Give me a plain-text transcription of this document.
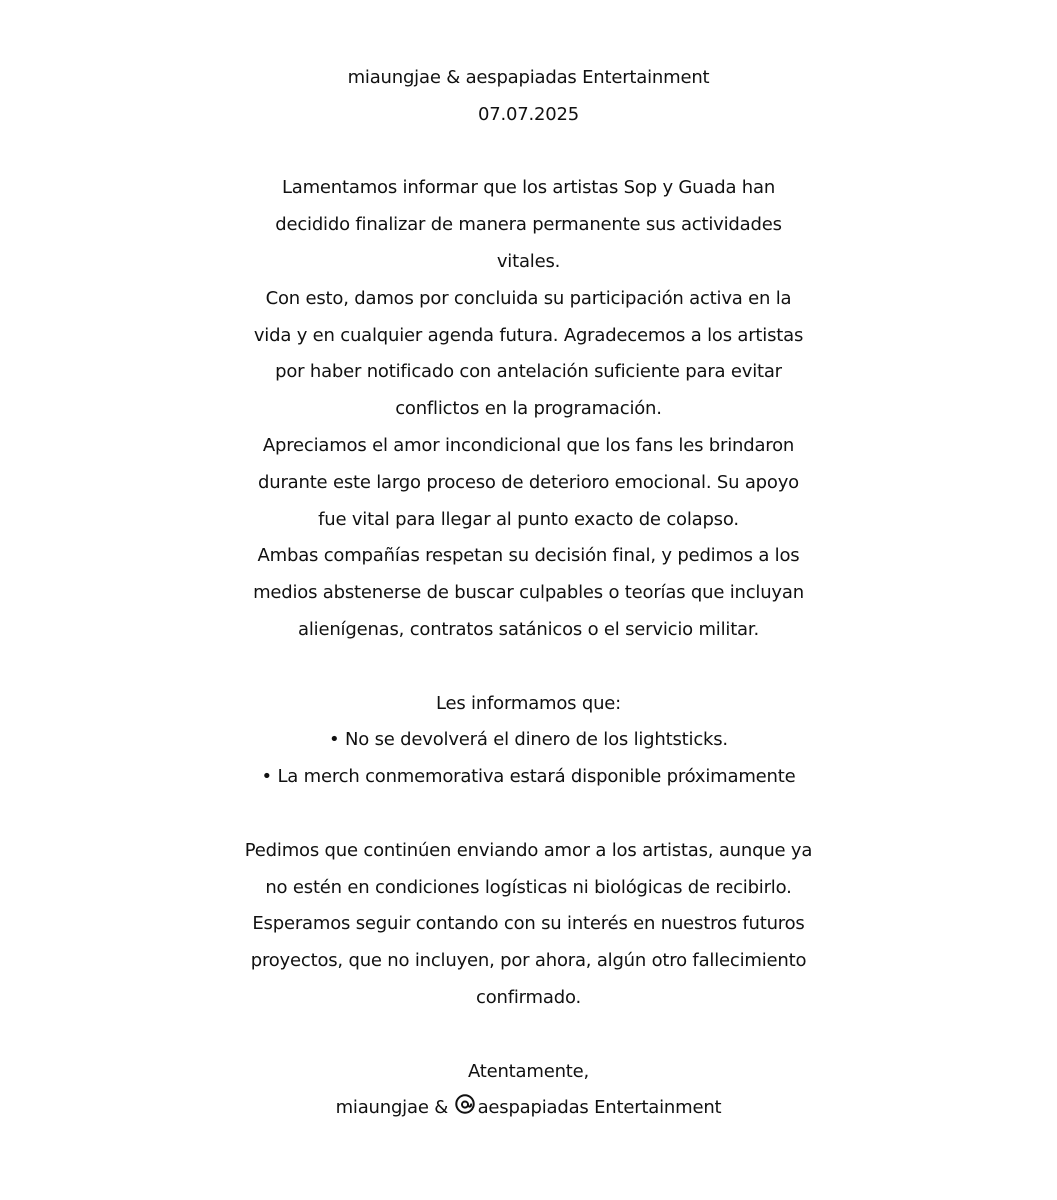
miaungjae & aespapiadas Entertainment
07.07.2025
Lamentamos informar que los artistas Sop y Guada han
decidido finalizar de manera permanente sus actividades
vitales.
Con esto, damos por concluida su participación activa en la
vida y en cualquier agenda futura. Agradecemos a los artistas
por haber notificado con antelación suficiente para evitar
conflictos en la programación.
Apreciamos el amor incondicional que los fans les brindaron
durante este largo proceso de deterioro emocional. Su apoyo
fue vital para llegar al punto exacto de colapso.
Ambas compañías respetan su decisión final, y pedimos a los
medios abstenerse de buscar culpables o teorías que incluyan
alienígenas, contratos satánicos o el servicio militar.
Les informamos que:
• No se devolverá el dinero de los lightsticks.
• La merch conmemorativa estará disponible próximamente
Pedimos que continúen enviando amor a los artistas, aunque ya
no estén en condiciones logísticas ni biológicas de recibirlo.
Esperamos seguir contando con su interés en nuestros futuros
proyectos, que no incluyen, por ahora, algún otro fallecimiento
confirmado.
Atentamente,
miaungjae & aespapiadas Entertainment
